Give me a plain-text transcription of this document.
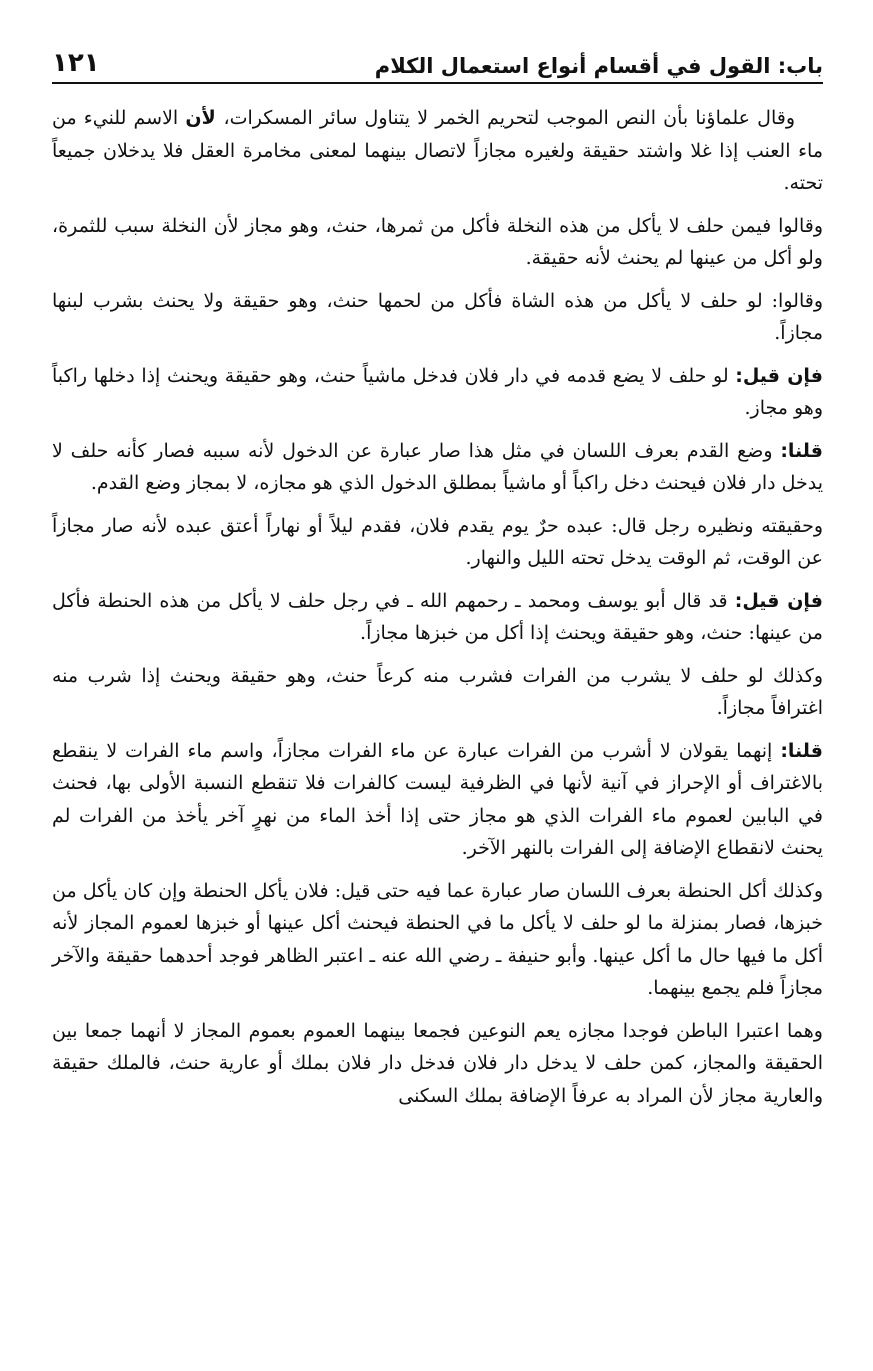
باب: القول في أقسام أنواع استعمال الكلام
١٢١

وقال علماؤنا بأن النص الموجب لتحريم الخمر لا يتناول سائر المسكرات، لأن الاسم للنيء من ماء العنب إذا غلا واشتد حقيقة ولغيره مجازاً لاتصال بينهما لمعنى مخامرة العقل فلا يدخلان جميعاً تحته.

وقالوا فيمن حلف لا يأكل من هذه النخلة فأكل من ثمرها، حنث، وهو مجاز لأن النخلة سبب للثمرة، ولو أكل من عينها لم يحنث لأنه حقيقة.

وقالوا: لو حلف لا يأكل من هذه الشاة فأكل من لحمها حنث، وهو حقيقة ولا يحنث بشرب لبنها مجازاً.

فإن قيل: لو حلف لا يضع قدمه في دار فلان فدخل ماشياً حنث، وهو حقيقة ويحنث إذا دخلها راكباً وهو مجاز.

قلنا: وضع القدم بعرف اللسان في مثل هذا صار عبارة عن الدخول لأنه سببه فصار كأنه حلف لا يدخل دار فلان فيحنث دخل راكباً أو ماشياً بمطلق الدخول الذي هو مجازه، لا بمجاز وضع القدم.

وحقيقته ونظيره رجل قال: عبده حرٌ يوم يقدم فلان، فقدم ليلاً أو نهاراً أعتق عبده لأنه صار مجازاً عن الوقت، ثم الوقت يدخل تحته الليل والنهار.

فإن قيل: قد قال أبو يوسف ومحمد ـ رحمهم الله ـ في رجل حلف لا يأكل من هذه الحنطة فأكل من عينها: حنث، وهو حقيقة ويحنث إذا أكل من خبزها مجازاً.

وكذلك لو حلف لا يشرب من الفرات فشرب منه كرعاً حنث، وهو حقيقة ويحنث إذا شرب منه اغترافاً مجازاً.

قلنا: إنهما يقولان لا أشرب من الفرات عبارة عن ماء الفرات مجازاً، واسم ماء الفرات لا ينقطع بالاغتراف أو الإحراز في آنية لأنها في الظرفية ليست كالفرات فلا تنقطع النسبة الأولى بها، فحنث في البابين لعموم ماء الفرات الذي هو مجاز حتى إذا أخذ الماء من نهرٍ آخر يأخذ من الفرات لم يحنث لانقطاع الإضافة إلى الفرات بالنهر الآخر.

وكذلك أكل الحنطة بعرف اللسان صار عبارة عما فيه حتى قيل: فلان يأكل الحنطة وإن كان يأكل من خبزها، فصار بمنزلة ما لو حلف لا يأكل ما في الحنطة فيحنث أكل عينها أو خبزها لعموم المجاز لأنه أكل ما فيها حال ما أكل عينها. وأبو حنيفة ـ رضي الله عنه ـ اعتبر الظاهر فوجد أحدهما حقيقة والآخر مجازاً فلم يجمع بينهما.

وهما اعتبرا الباطن فوجدا مجازه يعم النوعين فجمعا بينهما العموم بعموم المجاز لا أنهما جمعا بين الحقيقة والمجاز، كمن حلف لا يدخل دار فلان فدخل دار فلان بملك أو عارية حنث، فالملك حقيقة والعارية مجاز لأن المراد به عرفاً الإضافة بملك السكنى
